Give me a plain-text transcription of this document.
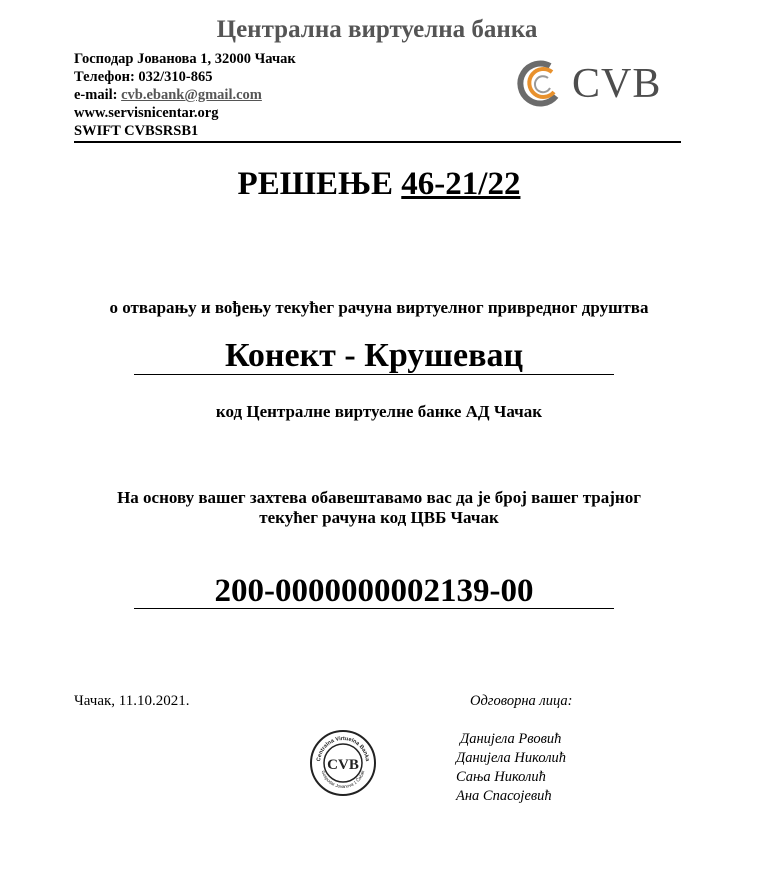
Централна виртуелна банка
Господар Јованова 1, 32000 Чачак
Телефон: 032/310-865
e-mail: cvb.ebank@gmail.com
www.servisnicentar.org
SWIFT CVBSRSB1
CVB
РЕШЕЊЕ 46-21/22
о отварању и вођењу текућег рачуна виртуелног привредног друштва
Конект - Крушевац
код Централне виртуелне банке АД Чачак
На основу вашег захтева обавештавамо вас да је број вашег трајног
текућег рачуна код ЦВБ Чачак
200-0000000002139-00
Чачак, 11.10.2021.	Одговорна лица:
Centralna Virtuelna Banka
Gospodar Jovanova 1 Čačak
CVB
Данијела Рвовић
Данијела Николић
Сања Николић
Ана Спасојевић
